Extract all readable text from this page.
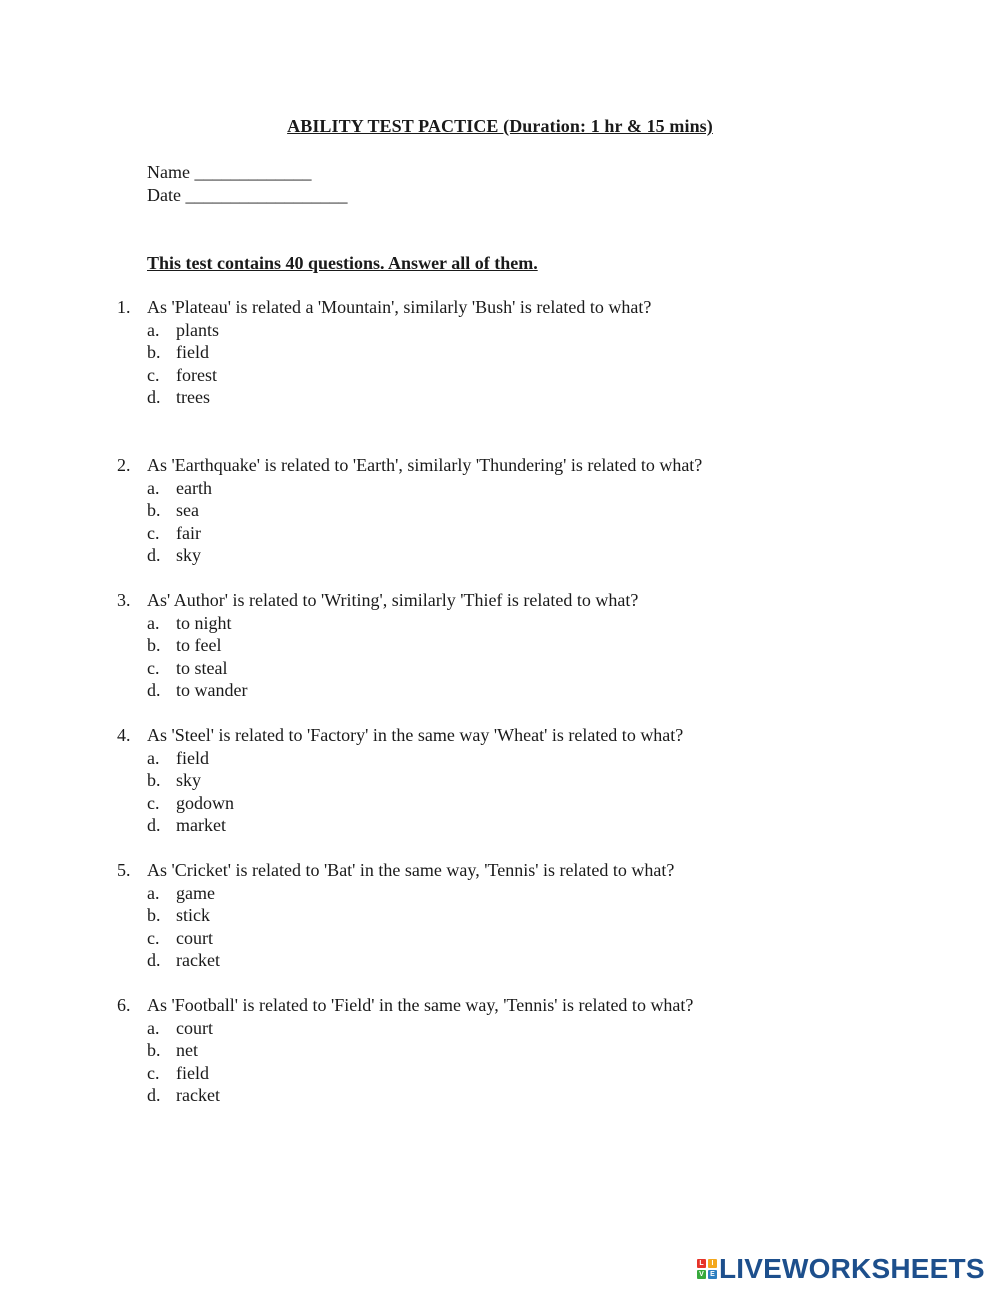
ABILITY TEST PACTICE (Duration: 1 hr & 15 mins)
Name _____________
Date __________________
This test contains 40 questions. Answer all of them.
1. As 'Plateau' is related a 'Mountain', similarly 'Bush' is related to what?
a. plants
b. field
c. forest
d. trees
2. As 'Earthquake' is related to 'Earth', similarly 'Thundering' is related to what?
a. earth
b. sea
c. fair
d. sky
3. As' Author' is related to 'Writing', similarly 'Thief is related to what?
a. to night
b. to feel
c. to steal
d. to wander
4. As 'Steel' is related to 'Factory' in the same way 'Wheat' is related to what?
a. field
b. sky
c. godown
d. market
5. As 'Cricket' is related to 'Bat' in the same way, 'Tennis' is related to what?
a. game
b. stick
c. court
d. racket
6. As 'Football' is related to 'Field' in the same way, 'Tennis' is related to what?
a. court
b. net
c. field
d. racket
L	I
V E LIVEWORKSHEETS
